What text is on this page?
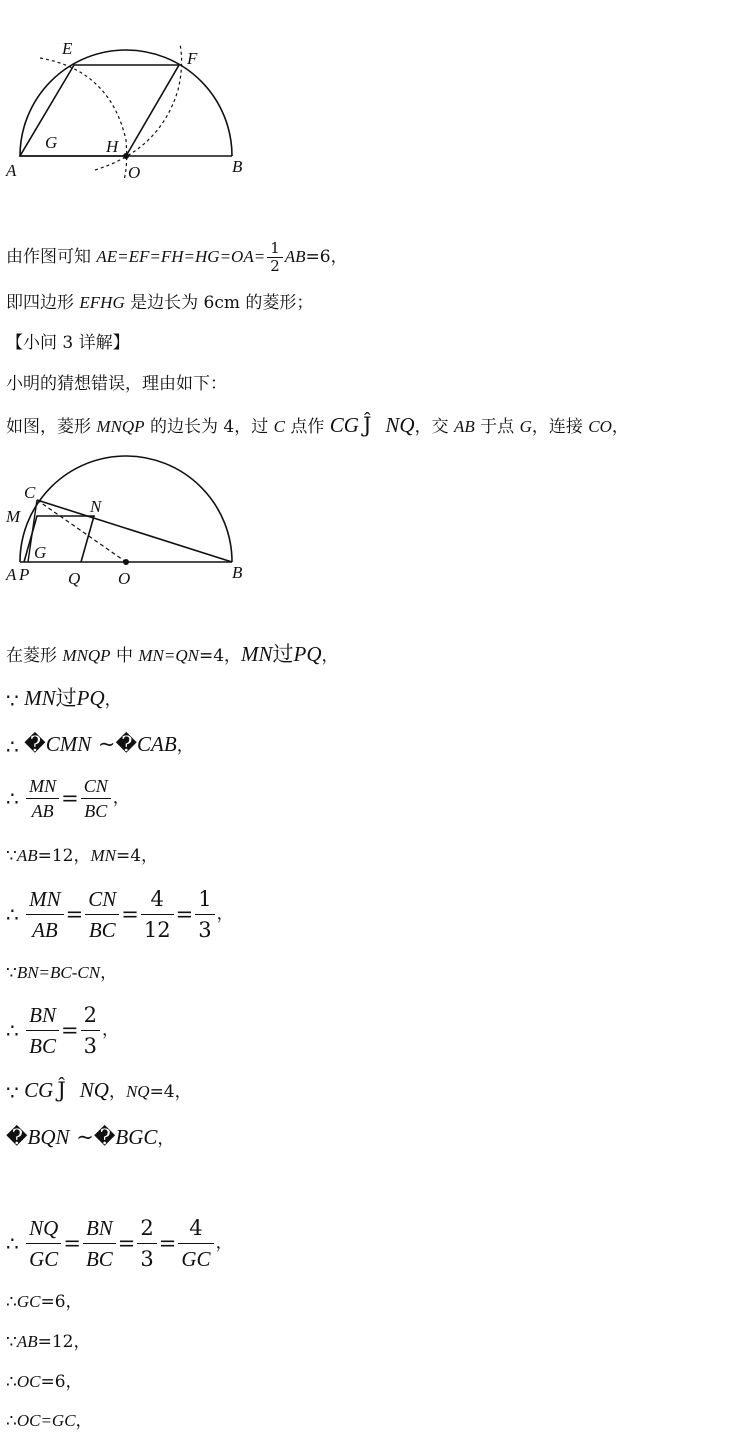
A	B
E
F
G	H
O
由作图可知 $AE=EF=FH=HG=OA= \frac{1}{2} AB=6$，
即四边形 EFHG 是边长为 6cm 的菱形；
【小问 3 详解】
小明的猜想错误，理由如下：
如图，菱形 MNQP 的边长为 4，过 C 点作 CG Ĵ NQ，交 AB 于点 G，连接 CO，
C
M
N
G
A P Q O	B
在菱形 MNQP 中 MN=QN=4，MN过PQ，
∵ MN过PQ，
∴ �CMN ~�CAB，
∴ $\frac{MN}{AB} = \frac{CN}{BC}$ ，
∵AB=12，MN=4，
∴ $\frac{MN}{AB} = \frac{CN}{BC} = \frac{4}{12} = \frac{1}{3}$ ，
∵BN=BC-CN，
∴ $\frac{BN}{BC} = \frac{2}{3}$ ，
∵ CG Ĵ NQ，NQ=4，
�BQN ~�BGC，
∴ $\frac{NQ}{GC} = \frac{BN}{BC} = \frac{2}{3} = \frac{4}{GC}$ ，
∴GC=6，
∵AB=12，
∴OC=6，
∴OC=GC，
